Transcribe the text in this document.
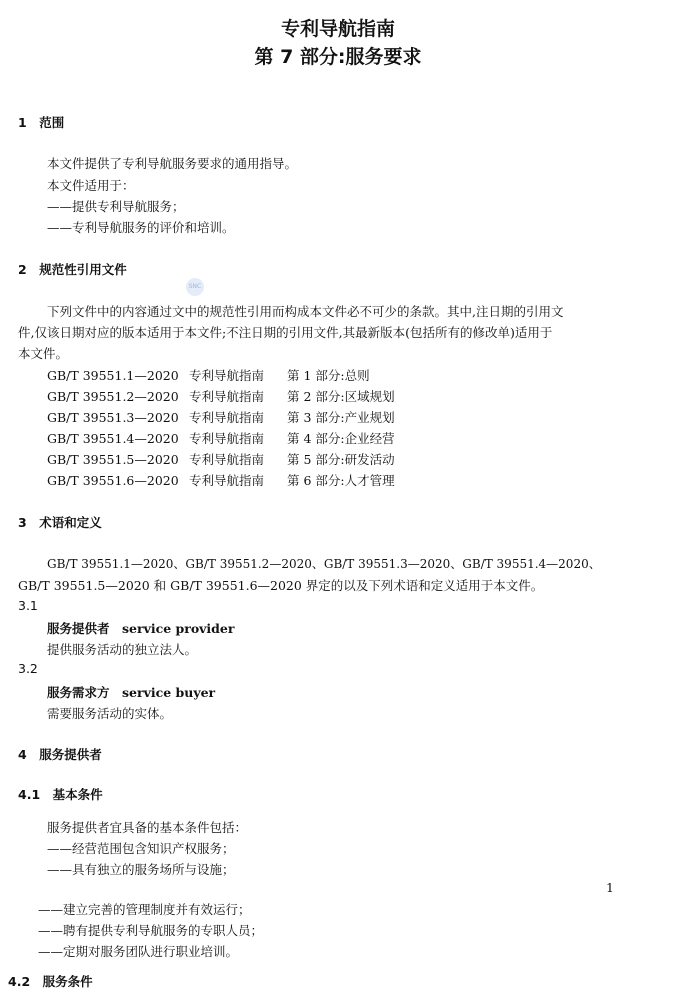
专利导航指南
第 7 部分:服务要求
1　范围
本文件提供了专利导航服务要求的通用指导。
本文件适用于：
——提供专利导航服务；
——专利导航服务的评价和培训。
2　规范性引用文件
SNC
下列文件中的内容通过文中的规范性引用而构成本文件必不可少的条款。其中,注日期的引用文
件,仅该日期对应的版本适用于本文件;不注日期的引用文件,其最新版本(包括所有的修改单)适用于
本文件。
GB/T 39551.1—2020 专利导航指南 第 1 部分:总则
GB/T 39551.2—2020 专利导航指南 第 2 部分:区域规划
GB/T 39551.3—2020 专利导航指南 第 3 部分:产业规划
GB/T 39551.4—2020 专利导航指南 第 4 部分:企业经营
GB/T 39551.5—2020 专利导航指南 第 5 部分:研发活动
GB/T 39551.6—2020 专利导航指南 第 6 部分:人才管理
3　术语和定义
GB/T 39551.1—2020、GB/T 39551.2—2020、GB/T 39551.3—2020、GB/T 39551.4—2020、
GB/T 39551.5—2020 和 GB/T 39551.6—2020 界定的以及下列术语和定义适用于本文件。
3.1
服务提供者　service provider
提供服务活动的独立法人。
3.2
服务需求方　service buyer
需要服务活动的实体。
4　服务提供者
4.1　基本条件
服务提供者宜具备的基本条件包括：
——经营范围包含知识产权服务；
——具有独立的服务场所与设施；
1
——建立完善的管理制度并有效运行；
——聘有提供专利导航服务的专职人员；
——定期对服务团队进行职业培训。
4.2　服务条件
